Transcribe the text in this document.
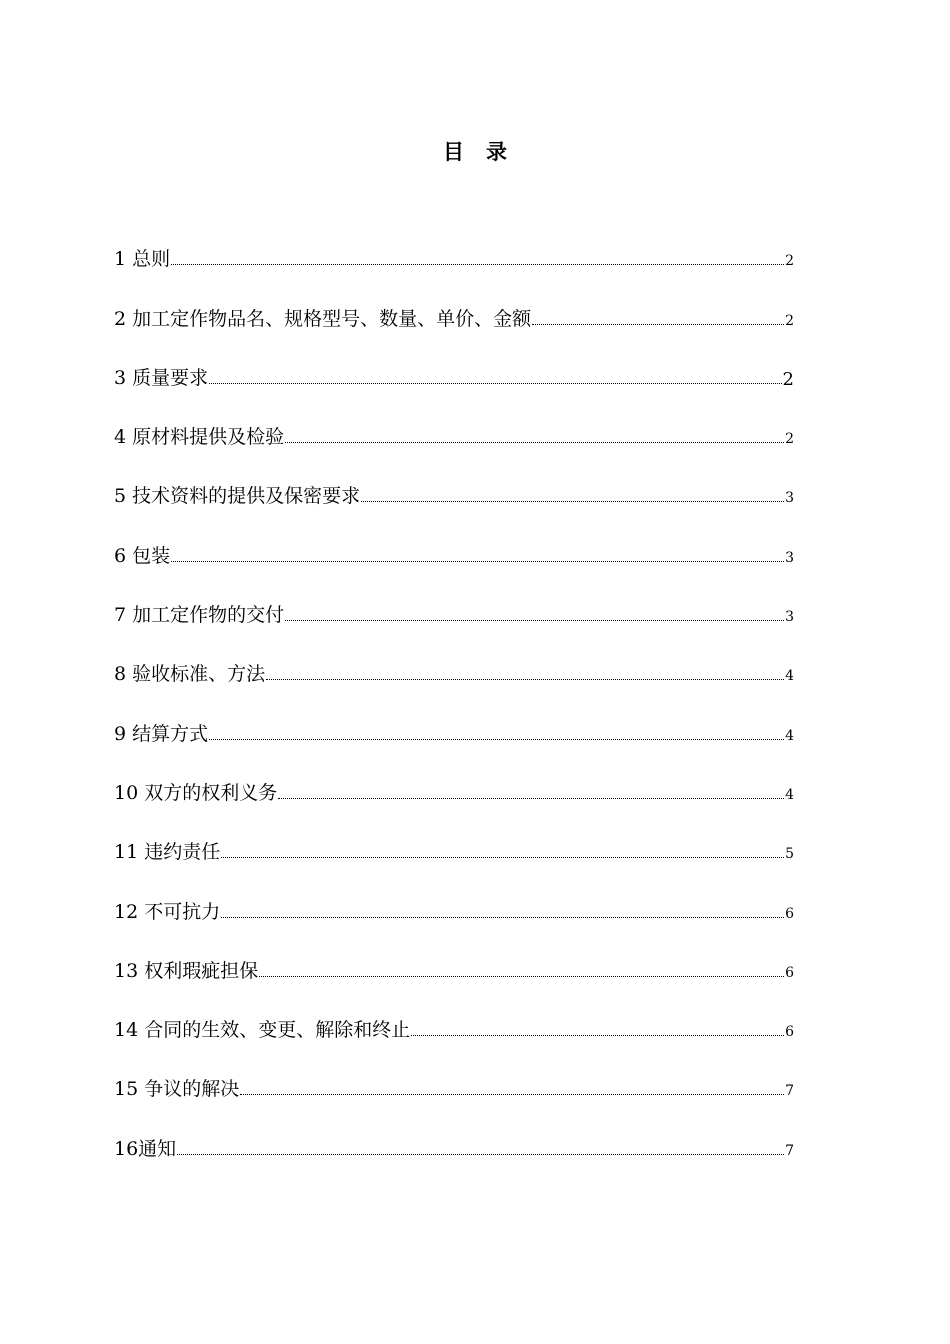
目 录
1 总则	2
2 加工定作物品名、规格型号、数量、单价、金额	2
3 质量要求	2
4 原材料提供及检验	2
5 技术资料的提供及保密要求	3
6 包装	3
7 加工定作物的交付	3
8 验收标准、方法	4
9 结算方式	4
10 双方的权利义务	4
11 违约责任	5
12 不可抗力	6
13 权利瑕疵担保	6
14 合同的生效、变更、解除和终止	6
15 争议的解决	7
16通知	7
